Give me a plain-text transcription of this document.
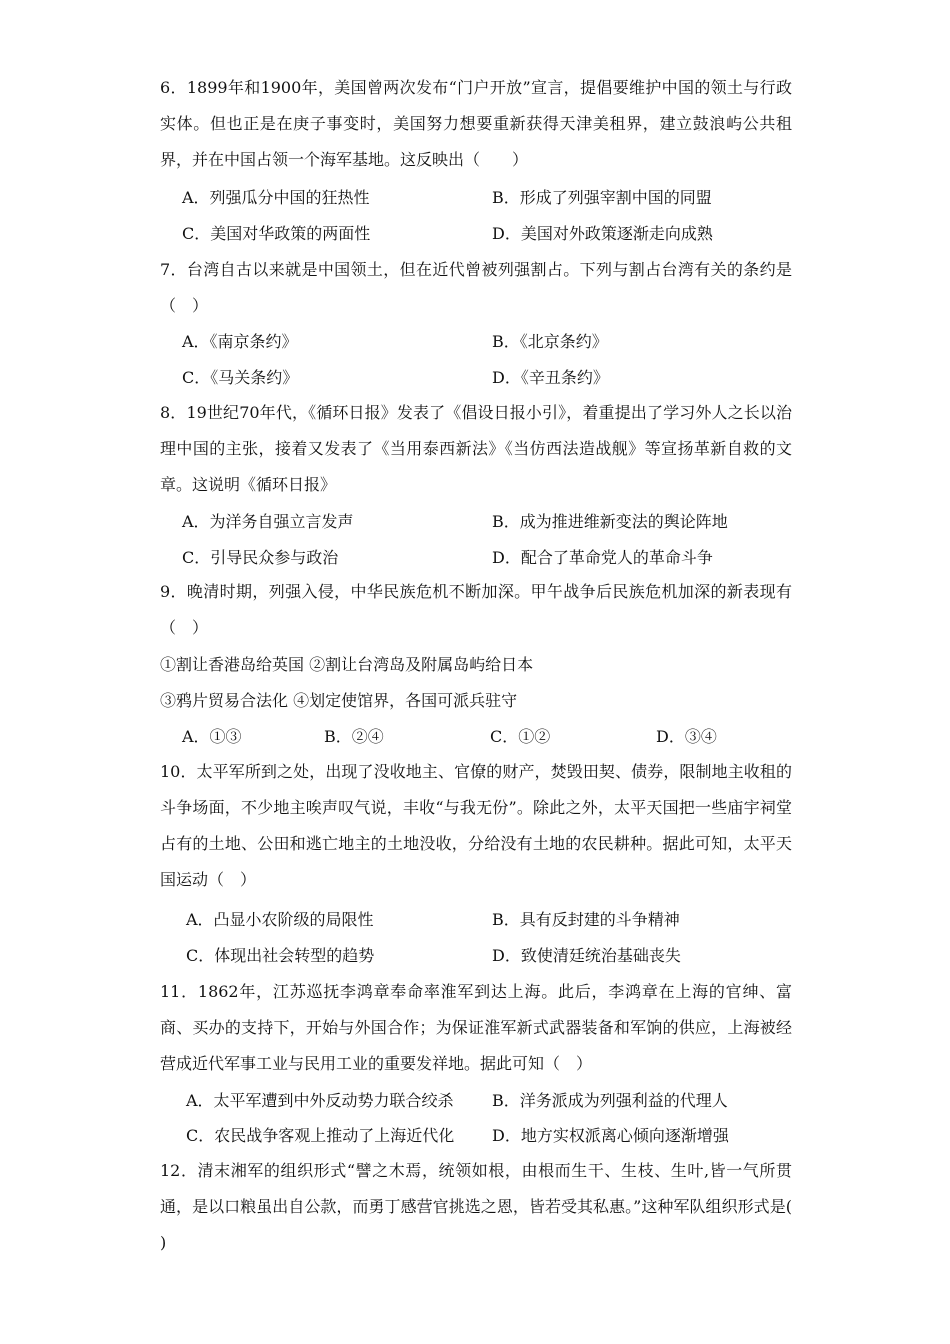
6．1899年和1900年，美国曾两次发布“门户开放”宣言，提倡要维护中国的领土与行政实体。但也正是在庚子事变时，美国努力想要重新获得天津美租界，建立鼓浪屿公共租界，并在中国占领一个海军基地。这反映出（　　）
A．列强瓜分中国的狂热性	B．形成了列强宰割中国的同盟
C．美国对华政策的两面性	D．美国对外政策逐渐走向成熟
7．台湾自古以来就是中国领土，但在近代曾被列强割占。下列与割占台湾有关的条约是（　）
A．《南京条约》	B．《北京条约》
C．《马关条约》	D．《辛丑条约》
8．19世纪70年代，《循环日报》发表了《倡设日报小引》，着重提出了学习外人之长以治理中国的主张，接着又发表了《当用泰西新法》《当仿西法造战舰》等宣扬革新自救的文章。这说明《循环日报》
A．为洋务自强立言发声	B．成为推进维新变法的舆论阵地
C．引导民众参与政治	D．配合了革命党人的革命斗争
9．晚清时期，列强入侵，中华民族危机不断加深。甲午战争后民族危机加深的新表现有（　）
①割让香港岛给英国 ②割让台湾岛及附属岛屿给日本
③鸦片贸易合法化 ④划定使馆界，各国可派兵驻守
A．①③	B．②④	C．①②	D．③④
10．太平军所到之处，出现了没收地主、官僚的财产，焚毁田契、债券，限制地主收租的斗争场面，不少地主唉声叹气说，丰收“与我无份”。除此之外，太平天国把一些庙宇祠堂占有的土地、公田和逃亡地主的土地没收，分给没有土地的农民耕种。据此可知，太平天国运动（　）
A．凸显小农阶级的局限性	B．具有反封建的斗争精神
C．体现出社会转型的趋势	D．致使清廷统治基础丧失
11．1862年，江苏巡抚李鸿章奉命率淮军到达上海。此后，李鸿章在上海的官绅、富商、买办的支持下，开始与外国合作；为保证淮军新式武器装备和军饷的供应，上海被经营成近代军事工业与民用工业的重要发祥地。据此可知（　）
A．太平军遭到中外反动势力联合绞杀 B．洋务派成为列强利益的代理人
C．农民战争客观上推动了上海近代化 D．地方实权派离心倾向逐渐增强
12．清末湘军的组织形式“譬之木焉，统领如根，由根而生干、生枝、生叶,皆一气所贯通，是以口粮虽出自公款，而勇丁感营官挑选之恩，皆若受其私惠。”这种军队组织形式是( )
